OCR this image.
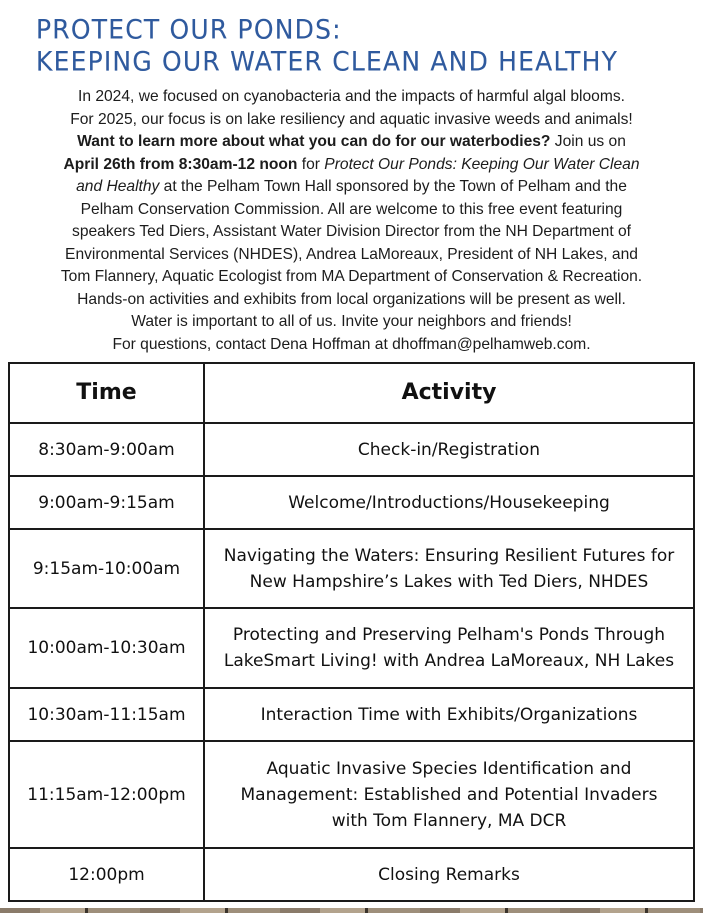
PROTECT OUR PONDS:
KEEPING OUR WATER CLEAN AND HEALTHY
In 2024, we focused on cyanobacteria and the impacts of harmful algal blooms.
For 2025, our focus is on lake resiliency and aquatic invasive weeds and animals!
Want to learn more about what you can do for our waterbodies? Join us on
April 26th from 8:30am-12 noon for Protect Our Ponds: Keeping Our Water Clean
and Healthy at the Pelham Town Hall sponsored by the Town of Pelham and the
Pelham Conservation Commission. All are welcome to this free event featuring
speakers Ted Diers, Assistant Water Division Director from the NH Department of
Environmental Services (NHDES), Andrea LaMoreaux, President of NH Lakes, and
Tom Flannery, Aquatic Ecologist from MA Department of Conservation & Recreation.
Hands-on activities and exhibits from local organizations will be present as well.
Water is important to all of us. Invite your neighbors and friends!
For questions, contact Dena Hoffman at dhoffman@pelhamweb.com.
Time	Activity
8:30am-9:00am	Check-in/Registration

9:00am-9:15am	Welcome/Introductions/Housekeeping

9:15am-10:00am	Navigating the Waters: Ensuring Resilient Futures for
New Hampshire’s Lakes with Ted Diers, NHDES

10:00am-10:30am	Protecting and Preserving Pelham's Ponds Through
LakeSmart Living! with Andrea LaMoreaux, NH Lakes

10:30am-11:15am	Interaction Time with Exhibits/Organizations

11:15am-12:00pm	Aquatic Invasive Species Identification and
Management: Established and Potential Invaders
with Tom Flannery, MA DCR

12:00pm	Closing Remarks
